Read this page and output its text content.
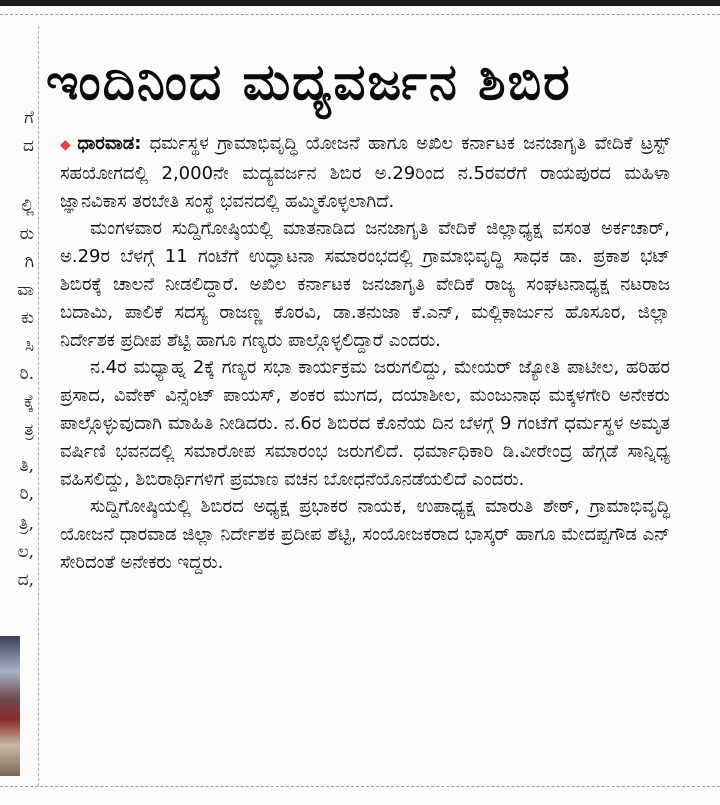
ಗೆ
ದ
ಲ್ಲಿ
ರು
ಗಿ
ವಾ
ಕು
ಸಿ
ರಿ.
ಕ್ಕೆ
ತ್ರ
ತಿ,
ರಿ,
ತ್ರಿ,
ಲ,
ದ,
ಇಂದಿನಿಂದ ಮದ್ಯವರ್ಜನ ಶಿಬಿರ

◆ ಧಾರವಾಡ: ಧರ್ಮಸ್ಥಳ ಗ್ರಾಮಾಭಿವೃದ್ಧಿ ಯೋಜನೆ ಹಾಗೂ ಅಖಿಲ ಕರ್ನಾಟಕ ಜನಜಾಗೃತಿ ವೇದಿಕೆ ಟ್ರಸ್ಟ್ ಸಹಯೋಗದಲ್ಲಿ 2,000ನೇ ಮದ್ಯವರ್ಜನ ಶಿಬಿರ ಅ.29ರಿಂದ ನ.5ರವರೆಗೆ ರಾಯಪುರದ ಮಹಿಳಾ ಜ್ಞಾನವಿಕಾಸ ತರಬೇತಿ ಸಂಸ್ಥೆ ಭವನದಲ್ಲಿ ಹಮ್ಮಿಕೊಳ್ಳಲಾಗಿದೆ.

ಮಂಗಳವಾರ ಸುದ್ದಿಗೋಷ್ಠಿಯಲ್ಲಿ ಮಾತನಾಡಿದ ಜನಜಾಗೃತಿ ವೇದಿಕೆ ಜಿಲ್ಲಾಧ್ಯಕ್ಷ ವಸಂತ ಅರ್ಕಚಾರ್, ಅ.29ರ ಬೆಳಗ್ಗೆ 11 ಗಂಟೆಗೆ ಉದ್ಘಾಟನಾ ಸಮಾರಂಭದಲ್ಲಿ ಗ್ರಾಮಾಭಿವೃದ್ಧಿ ಸಾಧಕ ಡಾ. ಪ್ರಕಾಶ ಭಟ್ ಶಿಬಿರಕ್ಕೆ ಚಾಲನೆ ನೀಡಲಿದ್ದಾರೆ. ಅಖಿಲ ಕರ್ನಾಟಕ ಜನಜಾಗೃತಿ ವೇದಿಕೆ ರಾಜ್ಯ ಸಂಘಟನಾಧ್ಯಕ್ಷ ನಟರಾಜ ಬದಾಮಿ, ಪಾಲಿಕೆ ಸದಸ್ಯ ರಾಜಣ್ಣ ಕೊರವಿ, ಡಾ.ತನುಜಾ ಕೆ.ಎನ್, ಮಲ್ಲಿಕಾರ್ಜುನ ಹೊಸೂರ, ಜಿಲ್ಲಾ ನಿರ್ದೇಶಕ ಪ್ರದೀಪ ಶೆಟ್ಟಿ ಹಾಗೂ ಗಣ್ಯರು ಪಾಲ್ಗೊಳ್ಳಲಿದ್ದಾರೆ ಎಂದರು.

ನ.4ರ ಮಧ್ಯಾಹ್ನ 2ಕ್ಕೆ ಗಣ್ಯರ ಸಭಾ ಕಾರ್ಯಕ್ರಮ ಜರುಗಲಿದ್ದು, ಮೇಯರ್ ಜ್ಯೋತಿ ಪಾಟೀಲ, ಹರಿಹರ ಪ್ರಸಾದ, ವಿವೇಕ್ ವಿನ್ಸೆಂಟ್ ಪಾಯಸ್, ಶಂಕರ ಮುಗದ, ದಯಾಶೀಲ, ಮಂಜುನಾಥ ಮಕ್ಕಳಗೇರಿ ಅನೇಕರು ಪಾಲ್ಗೊಳ್ಳುವುದಾಗಿ ಮಾಹಿತಿ ನೀಡಿದರು. ನ.6ರ ಶಿಬಿರದ ಕೊನೆಯ ದಿನ ಬೆಳಗ್ಗೆ 9 ಗಂಟೆಗೆ ಧರ್ಮಸ್ಥಳ ಅಮೃತ ವರ್ಷಿಣಿ ಭವನದಲ್ಲಿ ಸಮಾರೋಪ ಸಮಾರಂಭ ಜರುಗಲಿದೆ. ಧರ್ಮಾಧಿಕಾರಿ ಡಿ.ವೀರೇಂದ್ರ ಹೆಗ್ಗಡೆ ಸಾನ್ನಿಧ್ಯ ವಹಿಸಲಿದ್ದು, ಶಿಬಿರಾರ್ಥಿಗಳಿಗೆ ಪ್ರಮಾಣ ವಚನ ಬೋಧನೆಯೊನಡೆಯಲಿದೆ ಎಂದರು.

ಸುದ್ದಿಗೋಷ್ಠಿಯಲ್ಲಿ ಶಿಬಿರದ ಅಧ್ಯಕ್ಷ ಪ್ರಭಾಕರ ನಾಯಕ, ಉಪಾಧ್ಯಕ್ಷ ಮಾರುತಿ ಶೇಠ್, ಗ್ರಾಮಾಭಿವೃದ್ಧಿ ಯೋಜನೆ ಧಾರವಾಡ ಜಿಲ್ಲಾ ನಿರ್ದೇಶಕ ಪ್ರದೀಪ ಶೆಟ್ಟಿ, ಸಂಯೋಜಕರಾದ ಭಾಸ್ಕರ್ ಹಾಗೂ ಮೇದಪ್ಪಗೌಡ ಎನ್ ಸೇರಿದಂತೆ ಅನೇಕರು ಇದ್ದರು.
